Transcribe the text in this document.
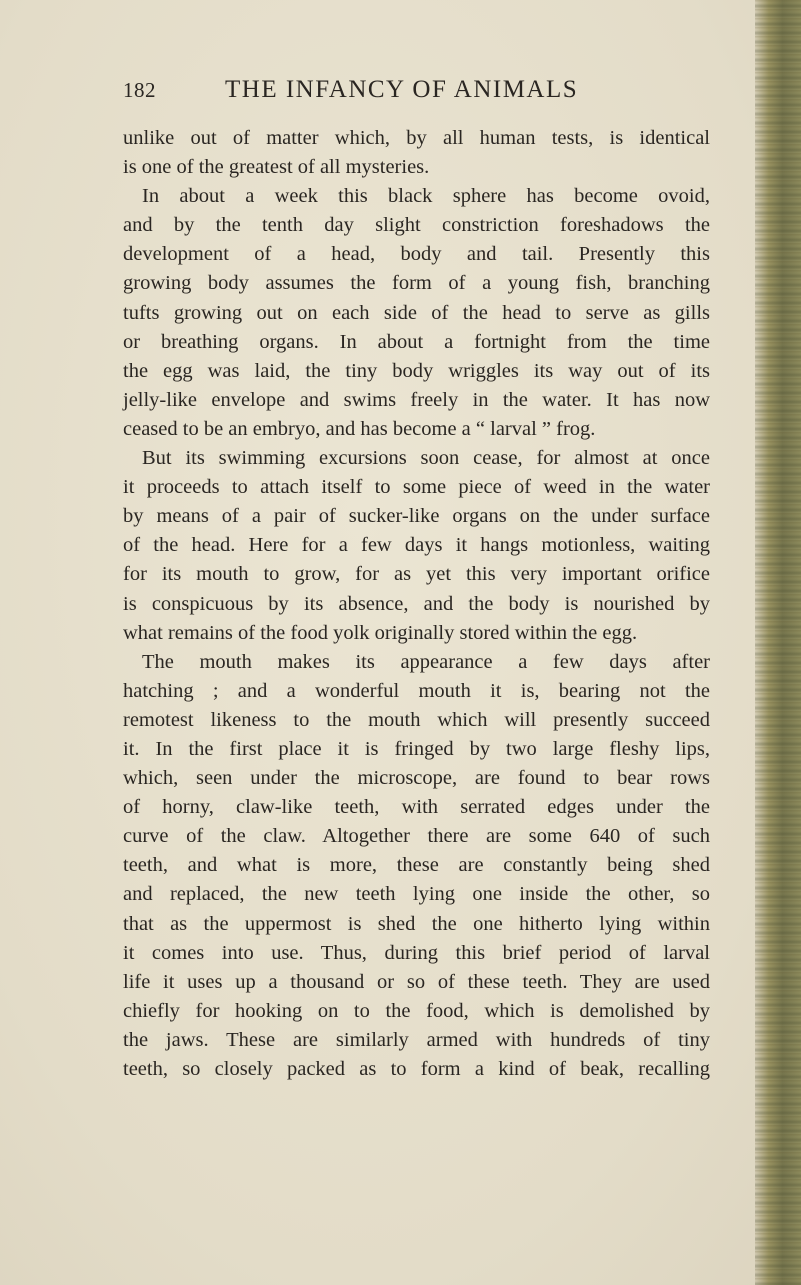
182	THE INFANCY OF ANIMALS
unlike out of matter which, by all human tests, is identical
is one of the greatest of all mysteries.
In about a week this black sphere has become ovoid,
and by the tenth day slight constriction foreshadows the
development of a head, body and tail. Presently this
growing body assumes the form of a young fish, branching
tufts growing out on each side of the head to serve as gills
or breathing organs. In about a fortnight from the time
the egg was laid, the tiny body wriggles its way out of its
jelly-like envelope and swims freely in the water. It has now
ceased to be an embryo, and has become a “ larval ” frog.
But its swimming excursions soon cease, for almost at once
it proceeds to attach itself to some piece of weed in the water
by means of a pair of sucker-like organs on the under surface
of the head. Here for a few days it hangs motionless, waiting
for its mouth to grow, for as yet this very important orifice
is conspicuous by its absence, and the body is nourished by
what remains of the food yolk originally stored within the egg.
The mouth makes its appearance a few days after
hatching ; and a wonderful mouth it is, bearing not the
remotest likeness to the mouth which will presently succeed
it. In the first place it is fringed by two large fleshy lips,
which, seen under the microscope, are found to bear rows
of horny, claw-like teeth, with serrated edges under the
curve of the claw. Altogether there are some 640 of such
teeth, and what is more, these are constantly being shed
and replaced, the new teeth lying one inside the other, so
that as the uppermost is shed the one hitherto lying within
it comes into use. Thus, during this brief period of larval
life it uses up a thousand or so of these teeth. They are used
chiefly for hooking on to the food, which is demolished by
the jaws. These are similarly armed with hundreds of tiny
teeth, so closely packed as to form a kind of beak, recalling
